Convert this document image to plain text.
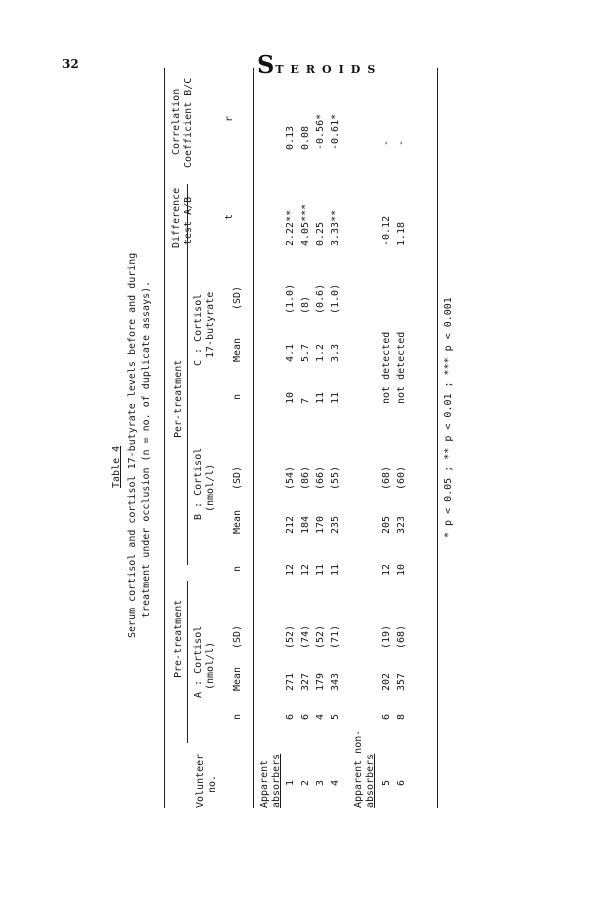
32	STEROIDS
Table 4 Serum cortisol and cortisol 17-butyrate levels before and during treatment under occlusion (n = no. of duplicate assays).
Pre-treatment
Per-treatment
Volunteer no.
A : Cortisol (nmol/l)
B : Cortisol (nmol/l)
C : Cortisol 17-butyrate
Difference test A/B
Correlation Coefficient B/C
n
Mean
(SD)
n
Mean
(SD)
n
Mean
(SD)
t
r
Apparent absorbers 1
6
271
(52)
12
212
(54)
10
4.1
(1.0)
2.22**
0.13
2
6
327
(74)
12
184
(86)
7
5.7
(8)
4.05***
0.08
3
4
179
(52)
11
170
(66)
11
1.2
(0.6)
0.25
-0.56*
4
5
343
(71)
11
235
(55)
11
3.3
(1.0)
3.33**
-0.61*
Apparent non- absorbers 5
6
202
(19)
12
205
(68)
not detected
-0.12
-
6
8
357
(68)
10
323
(60)
not detected
1.18
-
* p < 0.05 ; ** p < 0.01 ; *** p < 0.001
